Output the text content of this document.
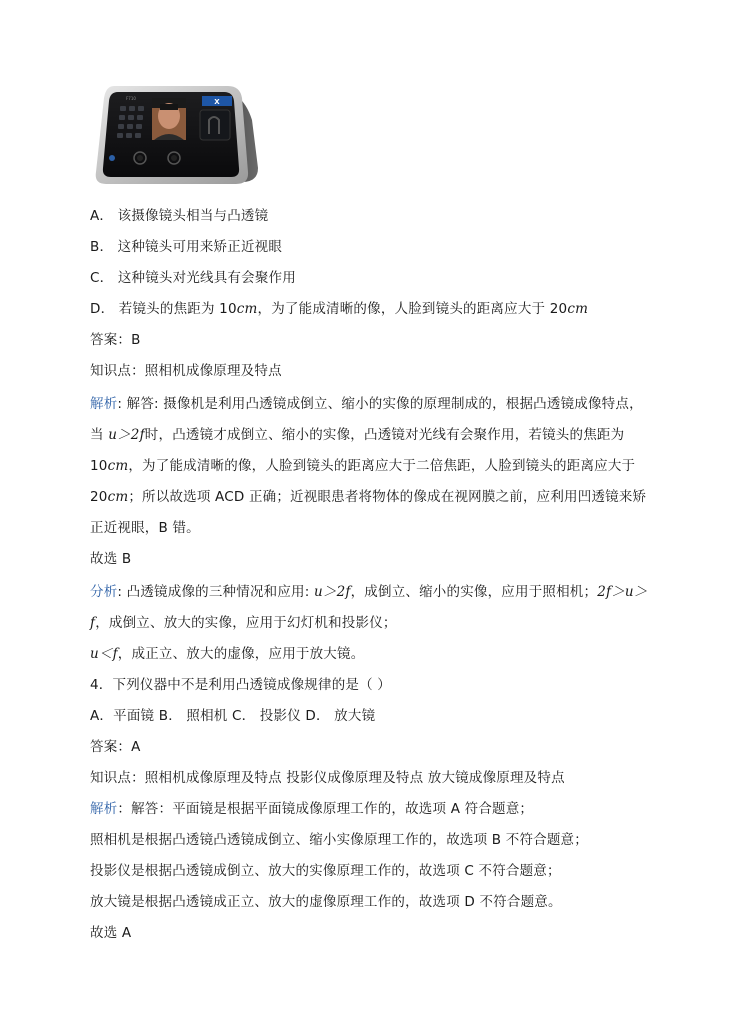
X
F710
A． 该摄像镜头相当与凸透镜
B． 这种镜头可用来矫正近视眼
C． 这种镜头对光线具有会聚作用
D． 若镜头的焦距为 10cm，为了能成清晰的像，人脸到镜头的距离应大于 20cm
答案：B
知识点：照相机成像原理及特点
解析: 解答: 摄像机是利用凸透镜成倒立、缩小的实像的原理制成的，根据凸透镜成像特点，
当 u＞2f时，凸透镜才成倒立、缩小的实像，凸透镜对光线有会聚作用，若镜头的焦距为
10cm，为了能成清晰的像，人脸到镜头的距离应大于二倍焦距，人脸到镜头的距离应大于
20cm；所以故选项 ACD 正确；近视眼患者将物体的像成在视网膜之前，应利用凹透镜来矫
正近视眼，B 错。
故选 B
分析: 凸透镜成像的三种情况和应用: u＞2f，成倒立、缩小的实像，应用于照相机；2f＞u＞
f，成倒立、放大的实像，应用于幻灯机和投影仪；
u＜f，成正立、放大的虚像，应用于放大镜。
4．下列仪器中不是利用凸透镜成像规律的是（ ）
A．平面镜 B． 照相机 C． 投影仪 D． 放大镜
答案：A
知识点：照相机成像原理及特点 投影仪成像原理及特点 放大镜成像原理及特点
解析：解答：平面镜是根据平面镜成像原理工作的，故选项 A 符合题意；
照相机是根据凸透镜凸透镜成倒立、缩小实像原理工作的，故选项 B 不符合题意；
投影仪是根据凸透镜成倒立、放大的实像原理工作的，故选项 C 不符合题意；
放大镜是根据凸透镜成正立、放大的虚像原理工作的，故选项 D 不符合题意。
故选 A
